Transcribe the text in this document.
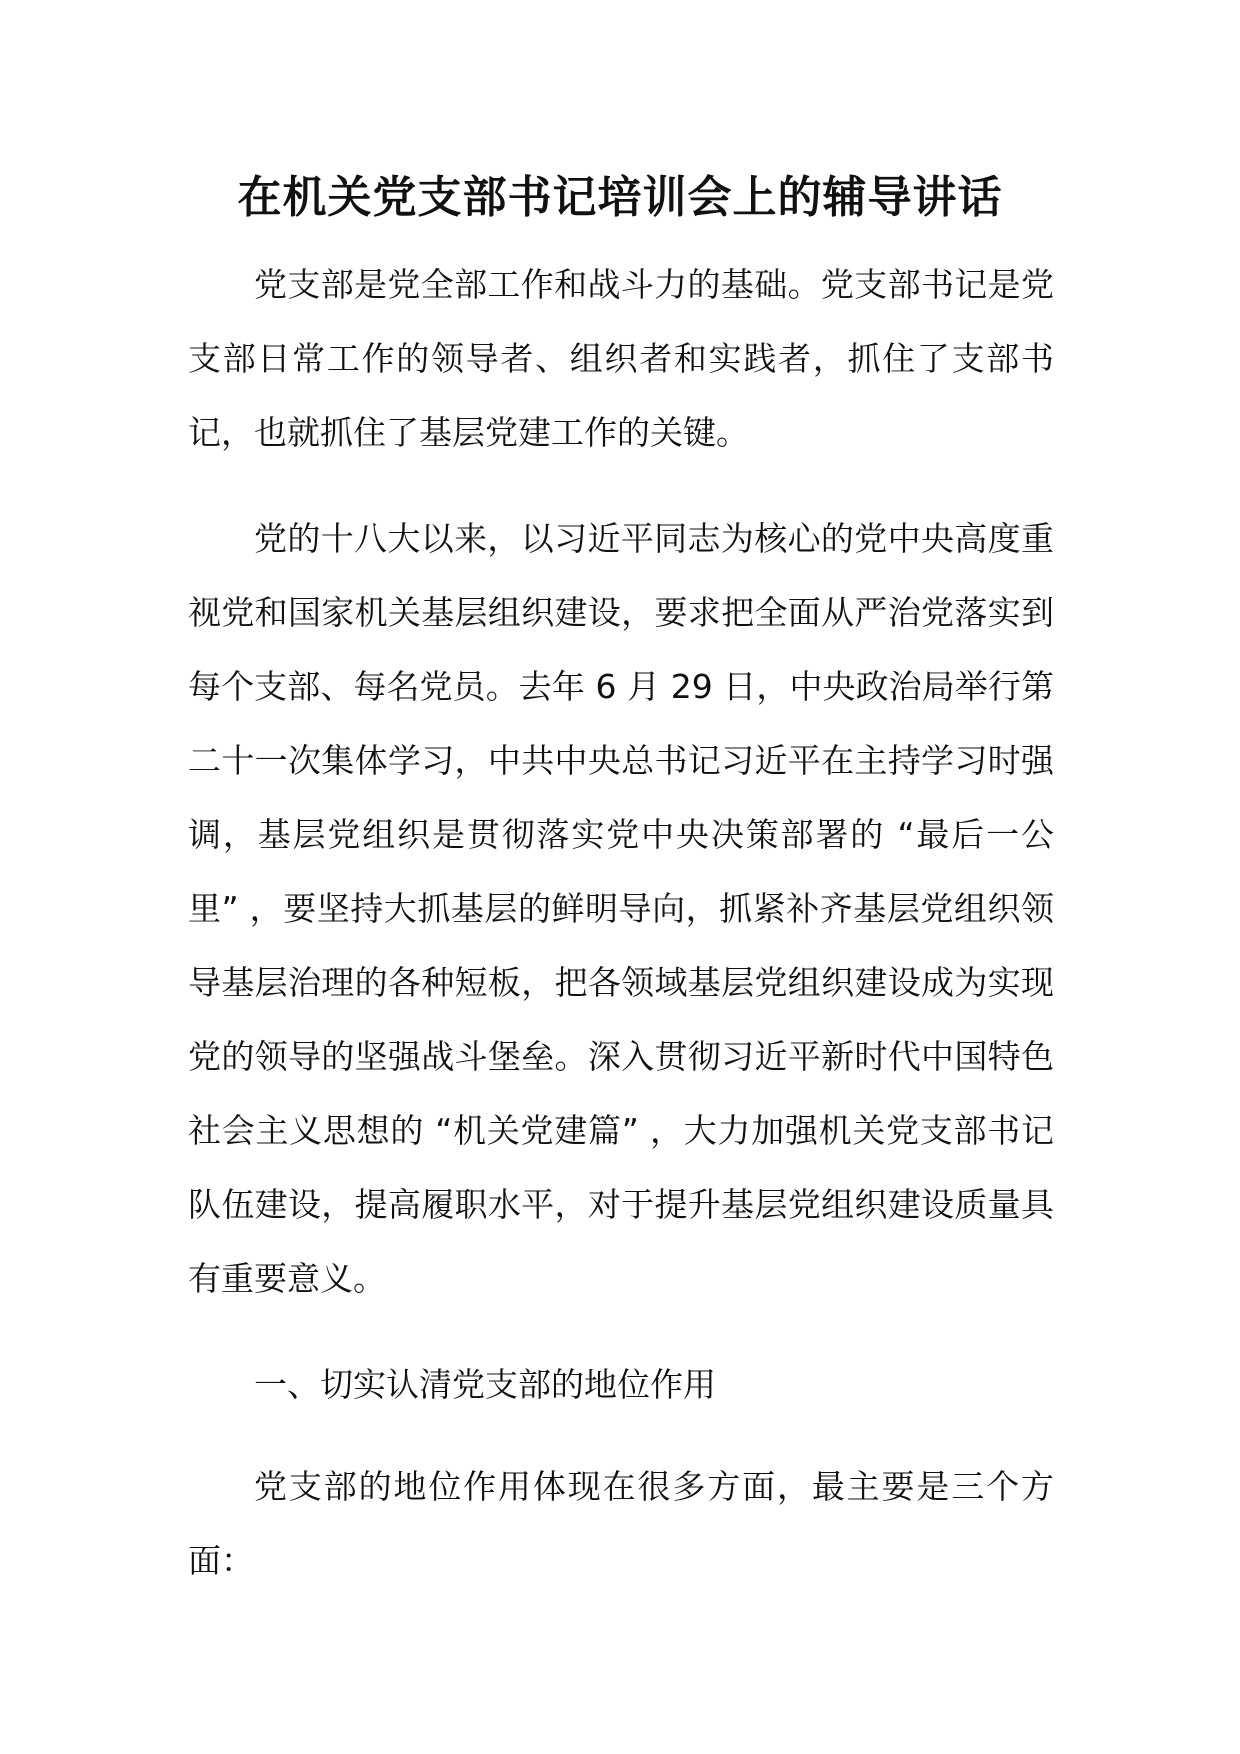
在机关党支部书记培训会上的辅导讲话

党支部是党全部工作和战斗力的基础。党支部书记是党支部日常工作的领导者、组织者和实践者，抓住了支部书记，也就抓住了基层党建工作的关键。

党的十八大以来，以习近平同志为核心的党中央高度重视党和国家机关基层组织建设，要求把全面从严治党落实到每个支部、每名党员。去年 6 月 29 日，中央政治局举行第二十一次集体学习，中共中央总书记习近平在主持学习时强调，基层党组织是贯彻落实党中央决策部署的 “最后一公里” ，要坚持大抓基层的鲜明导向，抓紧补齐基层党组织领导基层治理的各种短板，把各领域基层党组织建设成为实现党的领导的坚强战斗堡垒。深入贯彻习近平新时代中国特色社会主义思想的 “机关党建篇” ，大力加强机关党支部书记队伍建设，提高履职水平，对于提升基层党组织建设质量具有重要意义。

一、切实认清党支部的地位作用

党支部的地位作用体现在很多方面，最主要是三个方面：
